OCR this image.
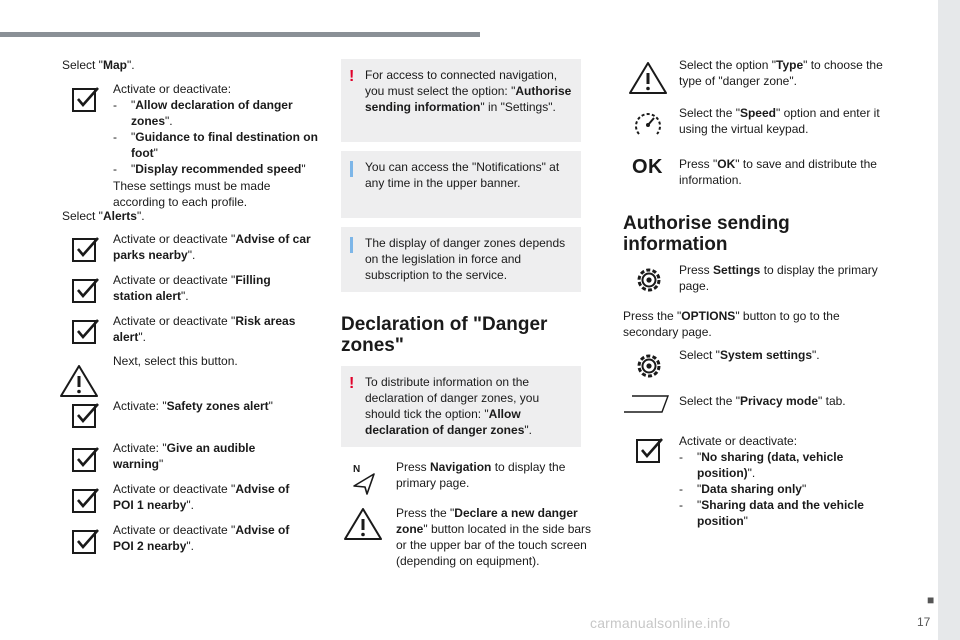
Select "Map".
Activate or deactivate:
- "Allow declaration of danger zones".
- "Guidance to final destination on foot"
- "Display recommended speed"
These settings must be made according to each profile.
Select "Alerts".
Activate or deactivate "Advise of car parks nearby".
Activate or deactivate "Filling station alert".
Activate or deactivate "Risk areas alert".
Next, select this button.
Activate: "Safety zones alert"
Activate: "Give an audible warning"
Activate or deactivate "Advise of POI 1 nearby".
Activate or deactivate "Advise of POI 2 nearby".
! For access to connected navigation, you must select the option: "Authorise sending information" in "Settings".
You can access the "Notifications" at any time in the upper banner.
The display of danger zones depends on the legislation in force and subscription to the service.
Declaration of "Danger zones"
! To distribute information on the declaration of danger zones, you should tick the option: "Allow declaration of danger zones".
N	Press Navigation to display the primary page.
Press the "Declare a new danger zone" button located in the side bars or the upper bar of the touch screen (depending on equipment).
Select the option "Type" to choose the type of "danger zone".
Select the "Speed" option and enter it using the virtual keypad.
OK Press "OK" to save and distribute the information.
Authorise sending information
Press Settings to display the primary page.
Press the "OPTIONS" button to go to the secondary page.
Select "System settings".
Select the "Privacy mode" tab.
Activate or deactivate:
- "No sharing (data, vehicle position)".
- "Data sharing only"
- "Sharing data and the vehicle position"
carmanualsonline.info
■
17
